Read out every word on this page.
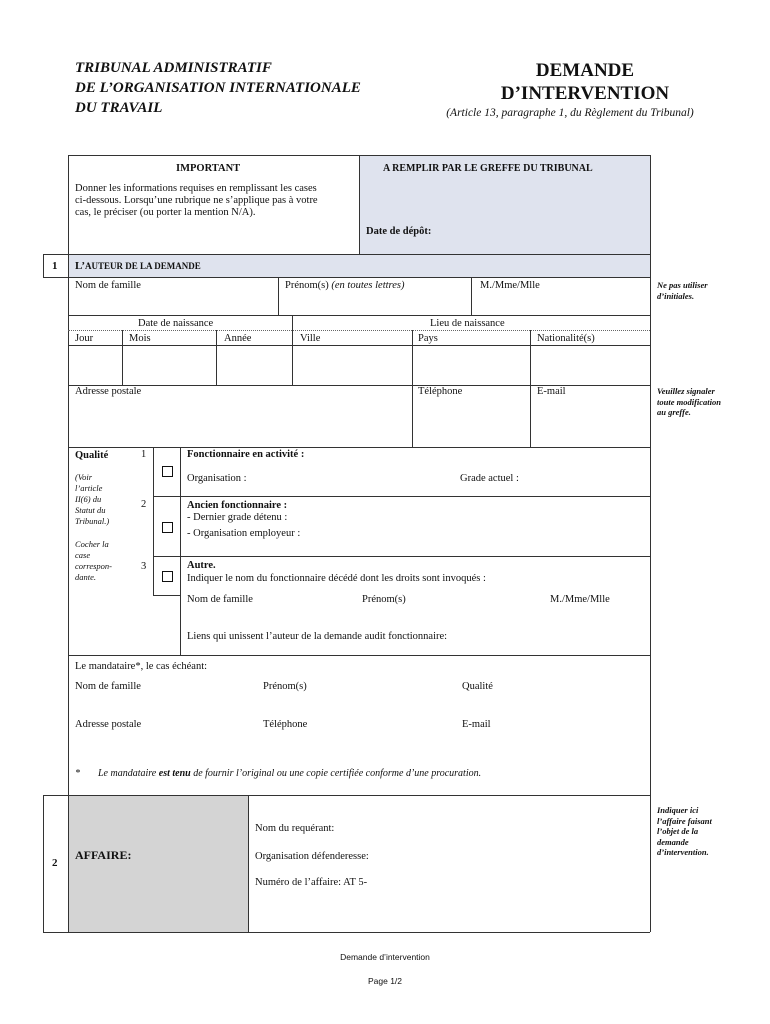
TRIBUNAL ADMINISTRATIF
DE L’ORGANISATION INTERNATIONALE
DU TRAVAIL
DEMANDE
D’INTERVENTION
(Article 13, paragraphe 1, du Règlement du Tribunal)
IMPORTANT
Donner les informations requises en remplissant les cases
ci-dessous. Lorsqu’une rubrique ne s’applique pas à votre
cas, le préciser (ou porter la mention N/A).
A REMPLIR PAR LE GREFFE DU TRIBUNAL
Date de dépôt:
1 L’AUTEUR DE LA DEMANDE
Nom de famille	Prénom(s) (en toutes lettres)	M./Mme/Mlle
Date de naissance	Lieu de naissance
Jour	Mois	Année	Ville	Pays	Nationalité(s)
Adresse postale	Téléphone	E-mail
Qualité
(Voir
l’article
II(6) du
Statut du
Tribunal.)
Cocher la
case
correspon-
dante.
1
2
3
Fonctionnaire en activité :
Organisation :	Grade actuel :
Ancien fonctionnaire :
- Dernier grade détenu :
- Organisation employeur :
Autre.
Indiquer le nom du fonctionnaire décédé dont les droits sont invoqués :
Nom de famille	Prénom(s)	M./Mme/Mlle
Liens qui unissent l’auteur de la demande audit fonctionnaire:
Le mandataire*, le cas échéant:
Nom de famille	Prénom(s)	Qualité
Adresse postale	Téléphone	E-mail
* Le mandataire est tenu de fournir l’original ou une copie certifiée conforme d’une procuration.
Ne pas utiliser
d’initiales.
Veuillez signaler
toute modification
au greffe.
Indiquer ici
l’affaire faisant
l’objet de la
demande
d’intervention.
2
AFFAIRE:
Nom du requérant:
Organisation défenderesse:
Numéro de l’affaire: AT 5-
Demande d’intervention
Page 1/2
